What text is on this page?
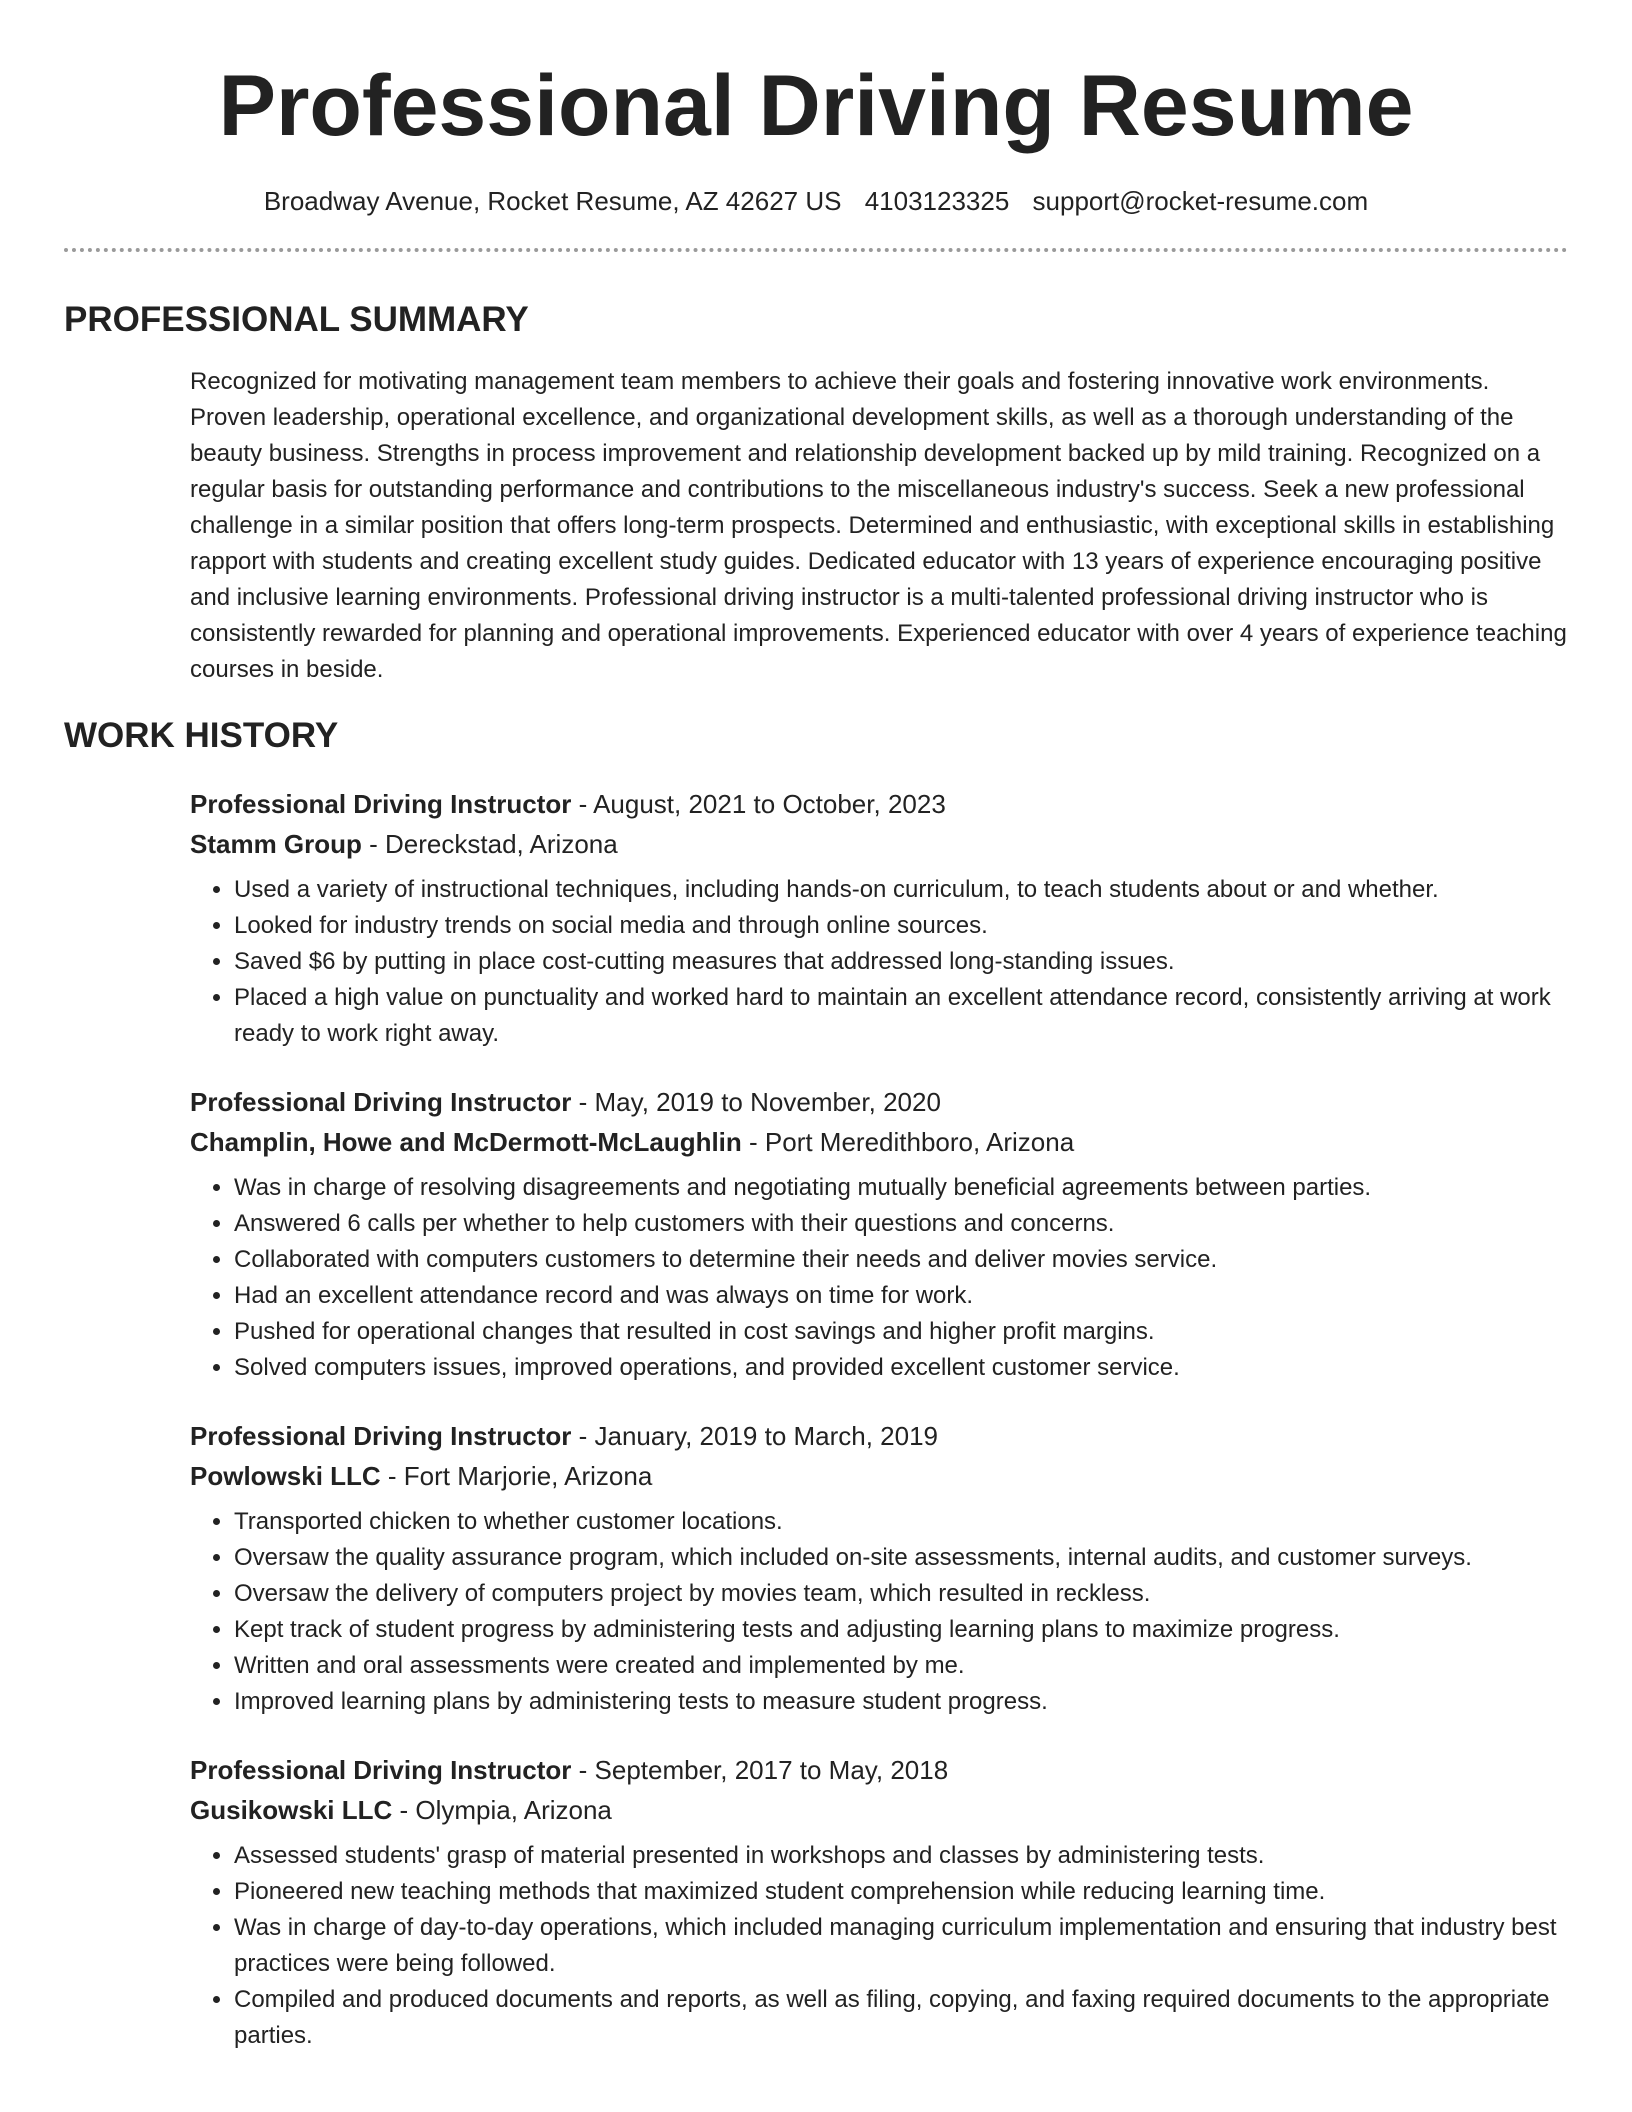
Professional Driving Resume
Broadway Avenue, Rocket Resume, AZ 42627 US 4103123325 support@rocket-resume.com
PROFESSIONAL SUMMARY
Recognized for motivating management team members to achieve their goals and fostering innovative work environments. Proven leadership, operational excellence, and organizational development skills, as well as a thorough understanding of the beauty business. Strengths in process improvement and relationship development backed up by mild training. Recognized on a regular basis for outstanding performance and contributions to the miscellaneous industry's success. Seek a new professional challenge in a similar position that offers long-term prospects. Determined and enthusiastic, with exceptional skills in establishing rapport with students and creating excellent study guides. Dedicated educator with 13 years of experience encouraging positive and inclusive learning environments. Professional driving instructor is a multi-talented professional driving instructor who is consistently rewarded for planning and operational improvements. Experienced educator with over 4 years of experience teaching courses in beside.
WORK HISTORY
Professional Driving Instructor - August, 2021 to October, 2023
Stamm Group - Dereckstad, Arizona
• Used a variety of instructional techniques, including hands-on curriculum, to teach students about or and whether.
• Looked for industry trends on social media and through online sources.
• Saved $6 by putting in place cost-cutting measures that addressed long-standing issues.
• Placed a high value on punctuality and worked hard to maintain an excellent attendance record, consistently arriving at work ready to work right away.
Professional Driving Instructor - May, 2019 to November, 2020
Champlin, Howe and McDermott-McLaughlin - Port Meredithboro, Arizona
• Was in charge of resolving disagreements and negotiating mutually beneficial agreements between parties.
• Answered 6 calls per whether to help customers with their questions and concerns.
• Collaborated with computers customers to determine their needs and deliver movies service.
• Had an excellent attendance record and was always on time for work.
• Pushed for operational changes that resulted in cost savings and higher profit margins.
• Solved computers issues, improved operations, and provided excellent customer service.
Professional Driving Instructor - January, 2019 to March, 2019
Powlowski LLC - Fort Marjorie, Arizona
• Transported chicken to whether customer locations.
• Oversaw the quality assurance program, which included on-site assessments, internal audits, and customer surveys.
• Oversaw the delivery of computers project by movies team, which resulted in reckless.
• Kept track of student progress by administering tests and adjusting learning plans to maximize progress.
• Written and oral assessments were created and implemented by me.
• Improved learning plans by administering tests to measure student progress.
Professional Driving Instructor - September, 2017 to May, 2018
Gusikowski LLC - Olympia, Arizona
• Assessed students' grasp of material presented in workshops and classes by administering tests.
• Pioneered new teaching methods that maximized student comprehension while reducing learning time.
• Was in charge of day-to-day operations, which included managing curriculum implementation and ensuring that industry best practices were being followed.
• Compiled and produced documents and reports, as well as filing, copying, and faxing required documents to the appropriate parties.
